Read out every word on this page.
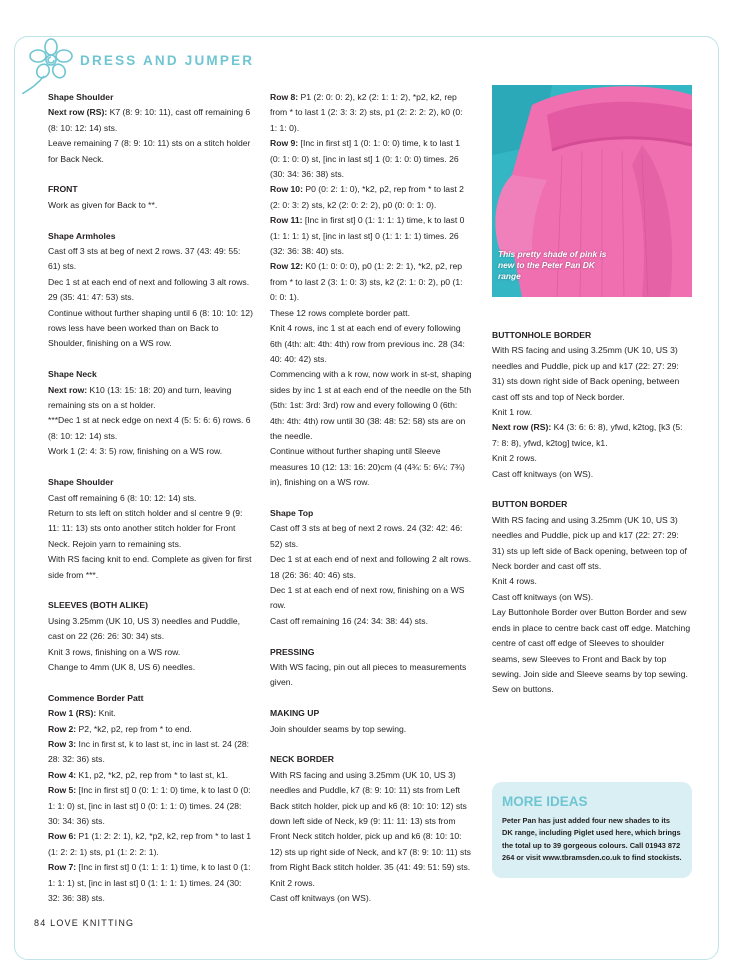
DRESS AND JUMPER

Shape Shoulder

Next row (RS): K7 (8: 9: 10: 11), cast off remaining 6 (8: 10: 12: 14) sts.

Leave remaining 7 (8: 9: 10: 11) sts on a stitch holder for Back Neck.

FRONT

Work as given for Back to **.

Shape Armholes

Cast off 3 sts at beg of next 2 rows. 37 (43: 49: 55: 61) sts.

Dec 1 st at each end of next and following 3 alt rows. 29 (35: 41: 47: 53) sts.

Continue without further shaping until 6 (8: 10: 10: 12) rows less have been worked than on Back to Shoulder, finishing on a WS row.

Shape Neck

Next row: K10 (13: 15: 18: 20) and turn, leaving remaining sts on a st holder.

***Dec 1 st at neck edge on next 4 (5: 5: 6: 6) rows. 6 (8: 10: 12: 14) sts.

Work 1 (2: 4: 3: 5) row, finishing on a WS row.

Shape Shoulder

Cast off remaining 6 (8: 10: 12: 14) sts.

Return to sts left on stitch holder and sl centre 9 (9: 11: 11: 13) sts onto another stitch holder for Front Neck. Rejoin yarn to remaining sts.

With RS facing knit to end. Complete as given for first side from ***.

SLEEVES (BOTH ALIKE)

Using 3.25mm (UK 10, US 3) needles and Puddle, cast on 22 (26: 26: 30: 34) sts.

Knit 3 rows, finishing on a WS row.

Change to 4mm (UK 8, US 6) needles.

Commence Border Patt

Row 1 (RS): Knit.

Row 2: P2, *k2, p2, rep from * to end.

Row 3: Inc in first st, k to last st, inc in last st. 24 (28: 28: 32: 36) sts.

Row 4: K1, p2, *k2, p2, rep from * to last st, k1.

Row 5: [Inc in first st] 0 (0: 1: 1: 0) time, k to last 0 (0: 1: 1: 0) st, [inc in last st] 0 (0: 1: 1: 0) times. 24 (28: 30: 34: 36) sts.

Row 6: P1 (1: 2: 2: 1), k2, *p2, k2, rep from * to last 1 (1: 2: 2: 1) sts, p1 (1: 2: 2: 1).

Row 7: [Inc in first st] 0 (1: 1: 1: 1) time, k to last 0 (1: 1: 1: 1) st, [inc in last st] 0 (1: 1: 1: 1) times. 24 (30: 32: 36: 38) sts.

Row 8: P1 (2: 0: 0: 2), k2 (2: 1: 1: 2), *p2, k2, rep from * to last 1 (2: 3: 3: 2) sts, p1 (2: 2: 2: 2), k0 (0: 1: 1: 0).

Row 9: [Inc in first st] 1 (0: 1: 0: 0) time, k to last 1 (0: 1: 0: 0) st, [inc in last st] 1 (0: 1: 0: 0) times. 26 (30: 34: 36: 38) sts.

Row 10: P0 (0: 2: 1: 0), *k2, p2, rep from * to last 2 (2: 0: 3: 2) sts, k2 (2: 0: 2: 2), p0 (0: 0: 1: 0).

Row 11: [Inc in first st] 0 (1: 1: 1: 1) time, k to last 0 (1: 1: 1: 1) st, [inc in last st] 0 (1: 1: 1: 1) times. 26 (32: 36: 38: 40) sts.

Row 12: K0 (1: 0: 0: 0), p0 (1: 2: 2: 1), *k2, p2, rep from * to last 2 (3: 1: 0: 3) sts, k2 (2: 1: 0: 2), p0 (1: 0: 0: 1).

These 12 rows complete border patt.

Knit 4 rows, inc 1 st at each end of every following 6th (4th: alt: 4th: 4th) row from previous inc. 28 (34: 40: 40: 42) sts.

Commencing with a k row, now work in st-st, shaping sides by inc 1 st at each end of the needle on the 5th (5th: 1st: 3rd: 3rd) row and every following 0 (6th: 4th: 4th: 4th) row until 30 (38: 48: 52: 58) sts are on the needle.

Continue without further shaping until Sleeve measures 10 (12: 13: 16: 20)cm (4 (4¾: 5: 6¼: 7¾) in), finishing on a WS row.

Shape Top

Cast off 3 sts at beg of next 2 rows. 24 (32: 42: 46: 52) sts.

Dec 1 st at each end of next and following 2 alt rows. 18 (26: 36: 40: 46) sts.

Dec 1 st at each end of next row, finishing on a WS row.

Cast off remaining 16 (24: 34: 38: 44) sts.

PRESSING

With WS facing, pin out all pieces to measurements given.

MAKING UP

Join shoulder seams by top sewing.

NECK BORDER

With RS facing and using 3.25mm (UK 10, US 3) needles and Puddle, k7 (8: 9: 10: 11) sts from Left Back stitch holder, pick up and k6 (8: 10: 10: 12) sts down left side of Neck, k9 (9: 11: 11: 13) sts from Front Neck stitch holder, pick up and k6 (8: 10: 10: 12) sts up right side of Neck, and k7 (8: 9: 10: 11) sts from Right Back stitch holder. 35 (41: 49: 51: 59) sts.

Knit 2 rows.

Cast off knitways (on WS).

This pretty shade of pink is new to the Peter Pan DK range

BUTTONHOLE BORDER

With RS facing and using 3.25mm (UK 10, US 3) needles and Puddle, pick up and k17 (22: 27: 29: 31) sts down right side of Back opening, between cast off sts and top of Neck border.

Knit 1 row.

Next row (RS): K4 (3: 6: 6: 8), yfwd, k2tog, [k3 (5: 7: 8: 8), yfwd, k2tog] twice, k1.

Knit 2 rows.

Cast off knitways (on WS).

BUTTON BORDER

With RS facing and using 3.25mm (UK 10, US 3) needles and Puddle, pick up and k17 (22: 27: 29: 31) sts up left side of Back opening, between top of Neck border and cast off sts.

Knit 4 rows.

Cast off knitways (on WS).

Lay Buttonhole Border over Button Border and sew ends in place to centre back cast off edge. Matching centre of cast off edge of Sleeves to shoulder seams, sew Sleeves to Front and Back by top sewing. Join side and Sleeve seams by top sewing.

Sew on buttons.

MORE IDEAS
Peter Pan has just added four new shades to its DK range, including Piglet used here, which brings the total up to 39 gorgeous colours. Call 01943 872 264 or visit www.tbramsden.co.uk to find stockists.
84 LOVE KNITTING
